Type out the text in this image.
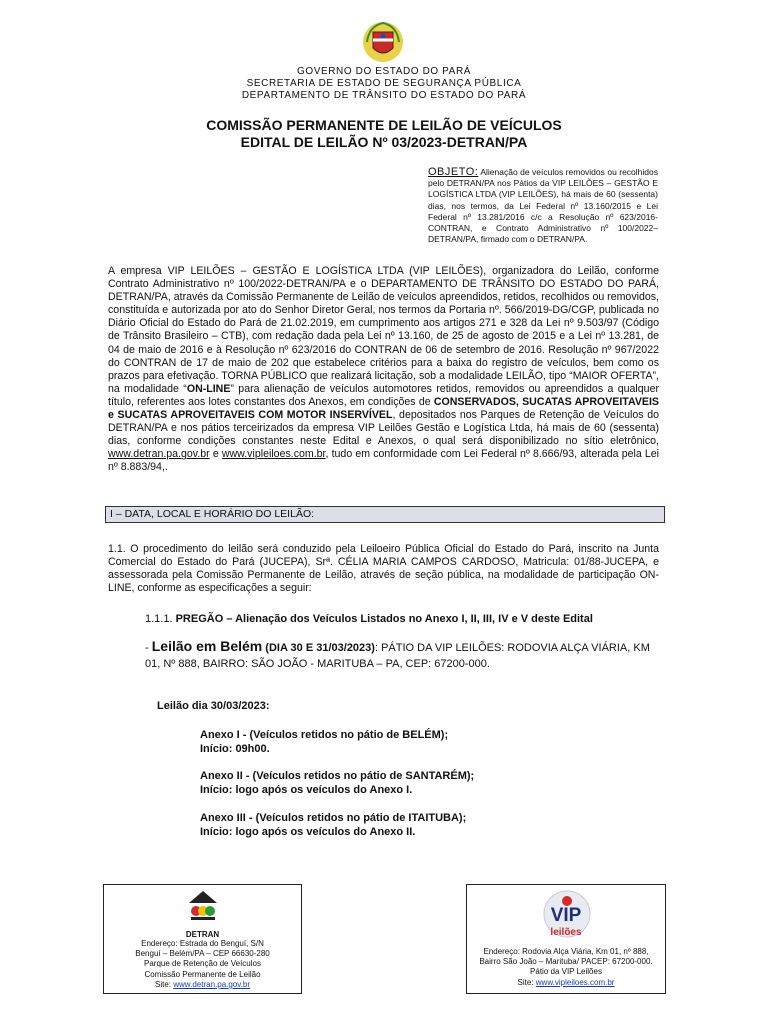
GOVERNO DO ESTADO DO PARÁ
SECRETARIA DE ESTADO DE SEGURANÇA PÚBLICA
DEPARTAMENTO DE TRÂNSITO DO ESTADO DO PARÁ
COMISSÃO PERMANENTE DE LEILÃO DE VEÍCULOS
EDITAL DE LEILÃO Nº 03/2023-DETRAN/PA
OBJETO: Alienação de veículos removidos ou recolhidos pelo DETRAN/PA nos Pátios da VIP LEILÕES – GESTÃO E LOGÍSTICA LTDA (VIP LEILÕES), há mais de 60 (sessenta) dias, nos termos, da Lei Federal nº 13.160/2015 e Lei Federal nº 13.281/2016 c/c a Resolução nº 623/2016-CONTRAN, e Contrato Administrativo nº 100/2022– DETRAN/PA, firmado com o DETRAN/PA.
A empresa VIP LEILÕES – GESTÃO E LOGÍSTICA LTDA (VIP LEILÕES), organizadora do Leilão, conforme Contrato Administrativo nº 100/2022-DETRAN/PA e o DEPARTAMENTO DE TRÂNSITO DO ESTADO DO PARÁ, DETRAN/PA, através da Comissão Permanente de Leilão de veículos apreendidos, retidos, recolhidos ou removidos, constituída e autorizada por ato do Senhor Diretor Geral, nos termos da Portaria nº. 566/2019-DG/CGP, publicada no Diário Oficial do Estado do Pará de 21.02.2019, em cumprimento aos artigos 271 e 328 da Lei nº 9.503/97 (Código de Trânsito Brasileiro – CTB), com redação dada pela Lei nº 13.160, de 25 de agosto de 2015 e a Lei nº 13.281, de 04 de maio de 2016 e à Resolução nº 623/2016 do CONTRAN de 06 de setembro de 2016. Resolução nº 967/2022 do CONTRAN de 17 de maio de 202 que estabelece critérios para a baixa do registro de veículos, bem como os prazos para efetivação. TORNA PÚBLICO que realizará licitação, sob a modalidade LEILÃO, tipo “MAIOR OFERTA”, na modalidade “ON-LINE” para alienação de veículos automotores retidos, removidos ou apreendidos a qualquer título, referentes aos lotes constantes dos Anexos, em condições de CONSERVADOS, SUCATAS APROVEITAVEIS e SUCATAS APROVEITAVEIS COM MOTOR INSERVÍVEL, depositados nos Parques de Retenção de Veículos do DETRAN/PA e nos pátios terceirizados da empresa VIP Leilões Gestão e Logística Ltda, há mais de 60 (sessenta) dias, conforme condições constantes neste Edital e Anexos, o qual será disponibilizado no sítio eletrônico, www.detran.pa.gov.br e www.vipleiloes.com.br, tudo em conformidade com Lei Federal nº 8.666/93, alterada pela Lei nº 8.883/94,.
I – DATA, LOCAL E HORÁRIO DO LEILÃO:
1.1. O procedimento do leilão será conduzido pela Leiloeiro Pública Oficial do Estado do Pará, inscrito na Junta Comercial do Estado do Pará (JUCEPA), Srª. CÉLIA MARIA CAMPOS CARDOSO, Matricula: 01/88-JUCEPA, e assessorada pela Comissão Permanente de Leilão, através de seção pública, na modalidade de participação ON-LINE, conforme as especificações a seguir:
1.1.1. PREGÃO – Alienação dos Veículos Listados no Anexo I, II, III, IV e V deste Edital
- Leilão em Belém (DIA 30 E 31/03/2023): PÁTIO DA VIP LEILÕES: RODOVIA ALÇA VIÁRIA, KM 01, Nº 888, BAIRRO: SÃO JOÃO - MARITUBA – PA, CEP: 67200-000.
Leilão dia 30/03/2023:
Anexo I - (Veículos retidos no pátio de BELÉM);
Início: 09h00.
Anexo II - (Veículos retidos no pátio de SANTARÉM);
Início: logo após os veículos do Anexo I.
Anexo III - (Veículos retidos no pátio de ITAITUBA);
Início: logo após os veículos do Anexo II.
DETRAN
Endereço: Estrada do Benguí, S/N
Benguí – Belém/PA – CEP 66630-280
Parque de Retenção de Veículos
Comissão Permanente de Leilão
Site: www.detran.pa.gov.br
VIP
leilões
Endereço: Rodovia Alça Viária, Km 01, nº 888,
Bairro São João – Marituba/ PACEP: 67200-000.
Pátio da VIP Leilões
Site: www.vipleiloes.com.br
